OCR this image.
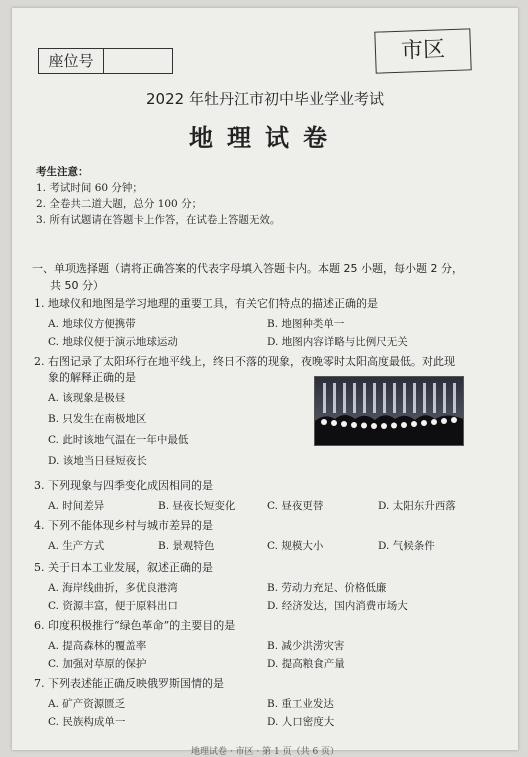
座位号	市区
2022 年牡丹江市初中毕业学业考试
地理试卷
考生注意：
1. 考试时间 60 分钟；
2. 全卷共二道大题，总分 100 分；
3. 所有试题请在答题卡上作答，在试卷上答题无效。
一、单项选择题（请将正确答案的代表字母填入答题卡内。本题 25 小题，每小题 2 分，
共 50 分）
1. 地球仪和地图是学习地理的重要工具，有关它们特点的描述正确的是
A. 地球仪方便携带	B. 地图种类单一
C. 地球仪便于演示地球运动	D. 地图内容详略与比例尺无关
2. 右图记录了太阳环行在地平线上，终日不落的现象，夜晚零时太阳高度最低。对此现
象的解释正确的是
A. 该现象是极昼
B. 只发生在南极地区
C. 此时该地气温在一年中最低
D. 该地当日昼短夜长
3. 下列现象与四季变化成因相同的是
A. 时间差异	B. 昼夜长短变化	C. 昼夜更替	D. 太阳东升西落
4. 下列不能体现乡村与城市差异的是
A. 生产方式	B. 景观特色	C. 规模大小	D. 气候条件
5. 关于日本工业发展，叙述正确的是
A. 海岸线曲折，多优良港湾	B. 劳动力充足、价格低廉
C. 资源丰富，便于原料出口	D. 经济发达，国内消费市场大
6. 印度积极推行“绿色革命”的主要目的是
A. 提高森林的覆盖率	B. 减少洪涝灾害
C. 加强对草原的保护	D. 提高粮食产量
7. 下列表述能正确反映俄罗斯国情的是
A. 矿产资源匮乏	B. 重工业发达
C. 民族构成单一	D. 人口密度大
地理试卷 · 市区 · 第 1 页（共 6 页）
